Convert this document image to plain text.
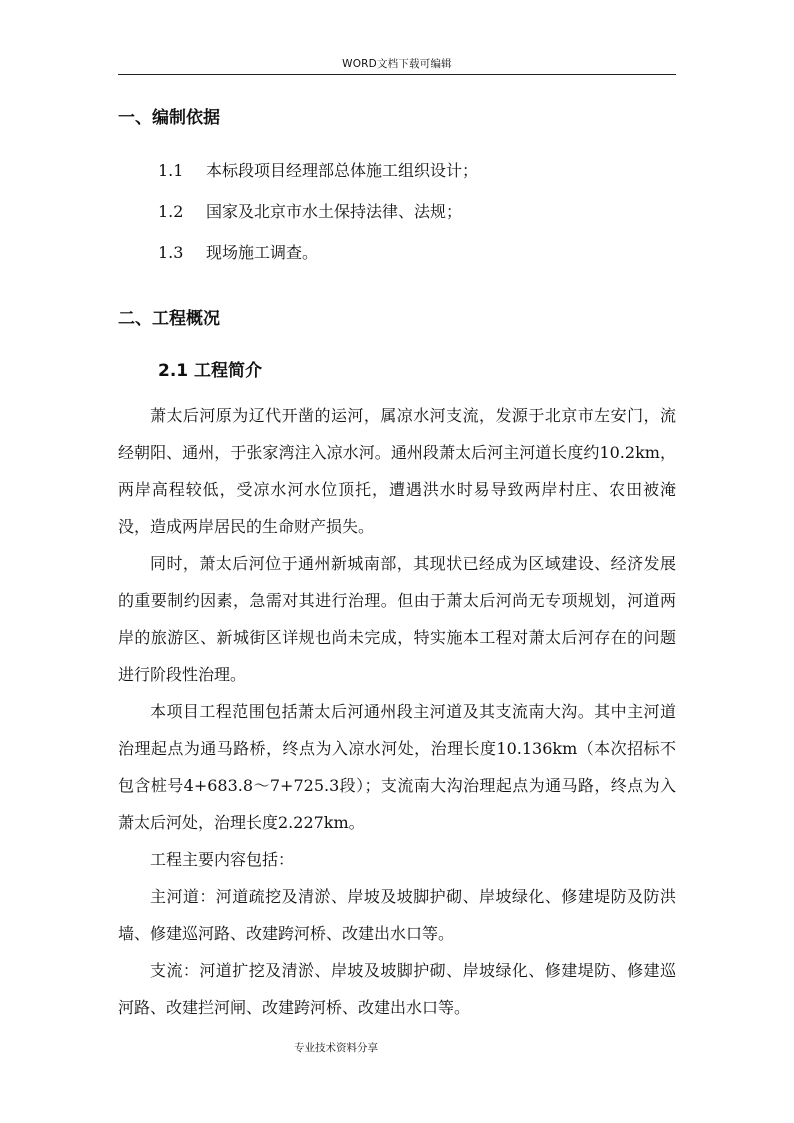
WORD文档下载可编辑
一、编制依据
1.1 本标段项目经理部总体施工组织设计；
1.2 国家及北京市水土保持法律、法规；
1.3 现场施工调查。
二、工程概况
2.1 工程简介

萧太后河原为辽代开凿的运河，属凉水河支流，发源于北京市左安门，流经朝阳、通州，于张家湾注入凉水河。通州段萧太后河主河道长度约10.2km，两岸高程较低，受凉水河水位顶托，遭遇洪水时易导致两岸村庄、农田被淹没，造成两岸居民的生命财产损失。

同时，萧太后河位于通州新城南部，其现状已经成为区域建设、经济发展的重要制约因素，急需对其进行治理。但由于萧太后河尚无专项规划，河道两岸的旅游区、新城街区详规也尚未完成，特实施本工程对萧太后河存在的问题进行阶段性治理。

本项目工程范围包括萧太后河通州段主河道及其支流南大沟。其中主河道治理起点为通马路桥，终点为入凉水河处，治理长度10.136km（本次招标不包含桩号4+683.8～7+725.3段）；支流南大沟治理起点为通马路，终点为入萧太后河处，治理长度2.227km。

工程主要内容包括：

主河道：河道疏挖及清淤、岸坡及坡脚护砌、岸坡绿化、修建堤防及防洪墙、修建巡河路、改建跨河桥、改建出水口等。

支流：河道扩挖及清淤、岸坡及坡脚护砌、岸坡绿化、修建堤防、修建巡河路、改建拦河闸、改建跨河桥、改建出水口等。

专业技术资料分享
